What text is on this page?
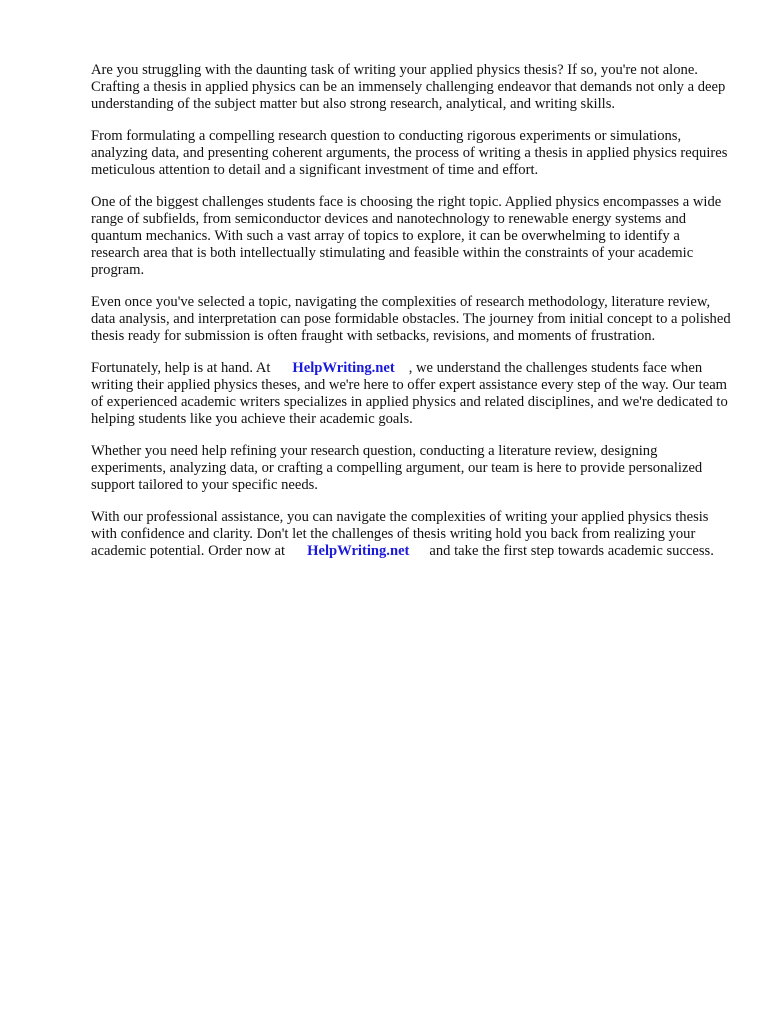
Are you struggling with the daunting task of writing your applied physics thesis? If so, you're not alone. Crafting a thesis in applied physics can be an immensely challenging endeavor that demands not only a deep understanding of the subject matter but also strong research, analytical, and writing skills.

From formulating a compelling research question to conducting rigorous experiments or simulations, analyzing data, and presenting coherent arguments, the process of writing a thesis in applied physics requires meticulous attention to detail and a significant investment of time and effort.

One of the biggest challenges students face is choosing the right topic. Applied physics encompasses a wide range of subfields, from semiconductor devices and nanotechnology to renewable energy systems and quantum mechanics. With such a vast array of topics to explore, it can be overwhelming to identify a research area that is both intellectually stimulating and feasible within the constraints of your academic program.

Even once you've selected a topic, navigating the complexities of research methodology, literature review, data analysis, and interpretation can pose formidable obstacles. The journey from initial concept to a polished thesis ready for submission is often fraught with setbacks, revisions, and moments of frustration.

Fortunately, help is at hand. At HelpWriting.net , we understand the challenges students face when writing their applied physics theses, and we're here to offer expert assistance every step of the way. Our team of experienced academic writers specializes in applied physics and related disciplines, and we're dedicated to helping students like you achieve their academic goals.

Whether you need help refining your research question, conducting a literature review, designing experiments, analyzing data, or crafting a compelling argument, our team is here to provide personalized support tailored to your specific needs.

With our professional assistance, you can navigate the complexities of writing your applied physics thesis with confidence and clarity. Don't let the challenges of thesis writing hold you back from realizing your academic potential. Order now at HelpWriting.net and take the first step towards academic success.
